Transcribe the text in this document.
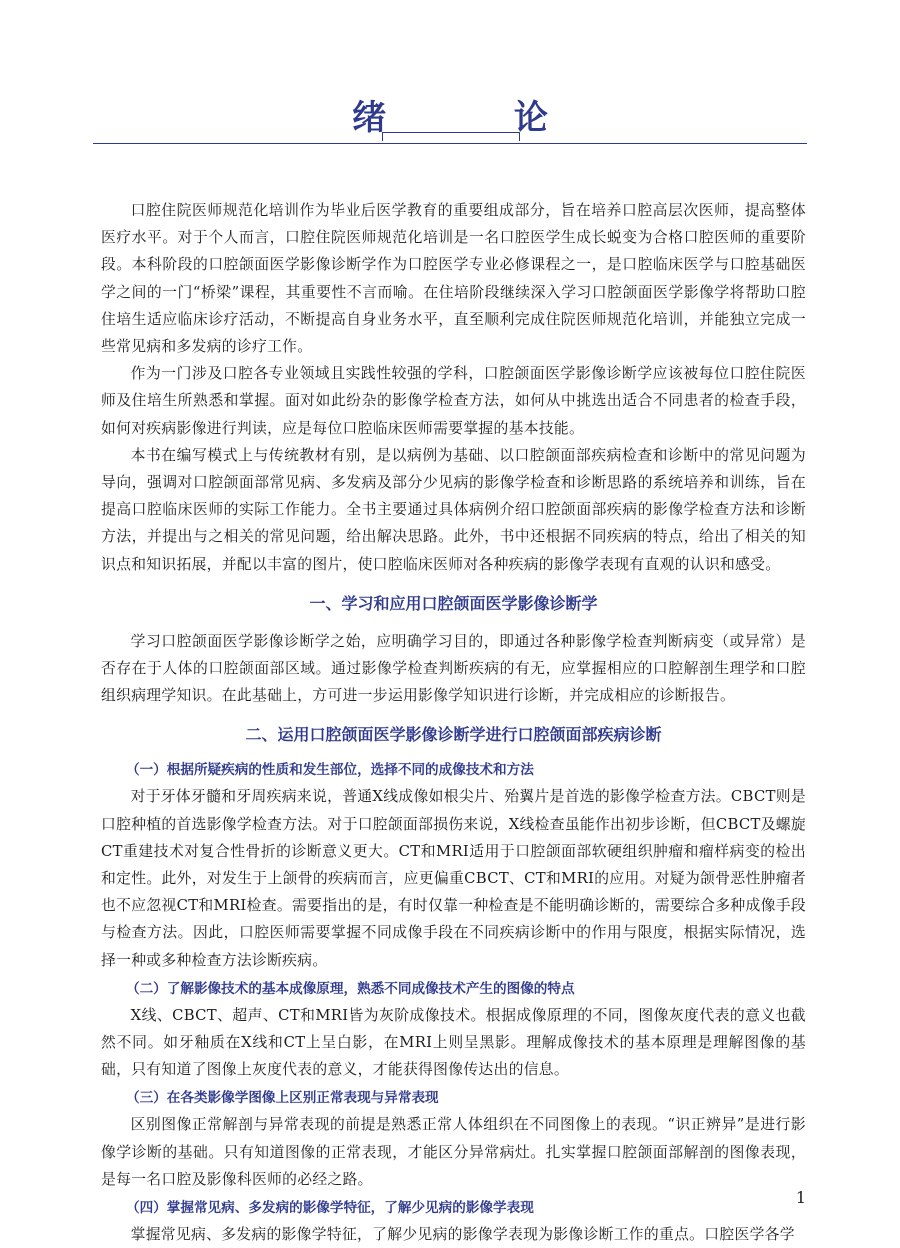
绪 论

口腔住院医师规范化培训作为毕业后医学教育的重要组成部分，旨在培养口腔高层次医师，提高整体医疗水平。对于个人而言，口腔住院医师规范化培训是一名口腔医学生成长蜕变为合格口腔医师的重要阶段。本科阶段的口腔颌面医学影像诊断学作为口腔医学专业必修课程之一，是口腔临床医学与口腔基础医学之间的一门“桥梁”课程，其重要性不言而喻。在住培阶段继续深入学习口腔颌面医学影像学将帮助口腔住培生适应临床诊疗活动，不断提高自身业务水平，直至顺利完成住院医师规范化培训，并能独立完成一些常见病和多发病的诊疗工作。

作为一门涉及口腔各专业领域且实践性较强的学科，口腔颌面医学影像诊断学应该被每位口腔住院医师及住培生所熟悉和掌握。面对如此纷杂的影像学检查方法，如何从中挑选出适合不同患者的检查手段，如何对疾病影像进行判读，应是每位口腔临床医师需要掌握的基本技能。

本书在编写模式上与传统教材有别，是以病例为基础、以口腔颌面部疾病检查和诊断中的常见问题为导向，强调对口腔颌面部常见病、多发病及部分少见病的影像学检查和诊断思路的系统培养和训练，旨在提高口腔临床医师的实际工作能力。全书主要通过具体病例介绍口腔颌面部疾病的影像学检查方法和诊断方法，并提出与之相关的常见问题，给出解决思路。此外，书中还根据不同疾病的特点，给出了相关的知识点和知识拓展，并配以丰富的图片，使口腔临床医师对各种疾病的影像学表现有直观的认识和感受。

一、学习和应用口腔颌面医学影像诊断学

学习口腔颌面医学影像诊断学之始，应明确学习目的，即通过各种影像学检查判断病变（或异常）是否存在于人体的口腔颌面部区域。通过影像学检查判断疾病的有无，应掌握相应的口腔解剖生理学和口腔组织病理学知识。在此基础上，方可进一步运用影像学知识进行诊断，并完成相应的诊断报告。

二、运用口腔颌面医学影像诊断学进行口腔颌面部疾病诊断
（一）根据所疑疾病的性质和发生部位，选择不同的成像技术和方法

对于牙体牙髓和牙周疾病来说，普通X线成像如根尖片、殆翼片是首选的影像学检查方法。CBCT则是口腔种植的首选影像学检查方法。对于口腔颌面部损伤来说，X线检查虽能作出初步诊断，但CBCT及螺旋CT重建技术对复合性骨折的诊断意义更大。CT和MRI适用于口腔颌面部软硬组织肿瘤和瘤样病变的检出和定性。此外，对发生于上颌骨的疾病而言，应更偏重CBCT、CT和MRI的应用。对疑为颌骨恶性肿瘤者也不应忽视CT和MRI检查。需要指出的是，有时仅靠一种检查是不能明确诊断的，需要综合多种成像手段与检查方法。因此，口腔医师需要掌握不同成像手段在不同疾病诊断中的作用与限度，根据实际情况，选择一种或多种检查方法诊断疾病。

（二）了解影像技术的基本成像原理，熟悉不同成像技术产生的图像的特点

X线、CBCT、超声、CT和MRI皆为灰阶成像技术。根据成像原理的不同，图像灰度代表的意义也截然不同。如牙釉质在X线和CT上呈白影，在MRI上则呈黑影。理解成像技术的基本原理是理解图像的基础，只有知道了图像上灰度代表的意义，才能获得图像传达出的信息。

（三）在各类影像学图像上区别正常表现与异常表现

区别图像正常解剖与异常表现的前提是熟悉正常人体组织在不同图像上的表现。“识正辨异”是进行影像学诊断的基础。只有知道图像的正常表现，才能区分异常病灶。扎实掌握口腔颌面部解剖的图像表现，是每一名口腔及影像科医师的必经之路。

（四）掌握常见病、多发病的影像学特征，了解少见病的影像学表现

掌握常见病、多发病的影像学特征，了解少见病的影像学表现为影像诊断工作的重点。口腔医学各学

1
